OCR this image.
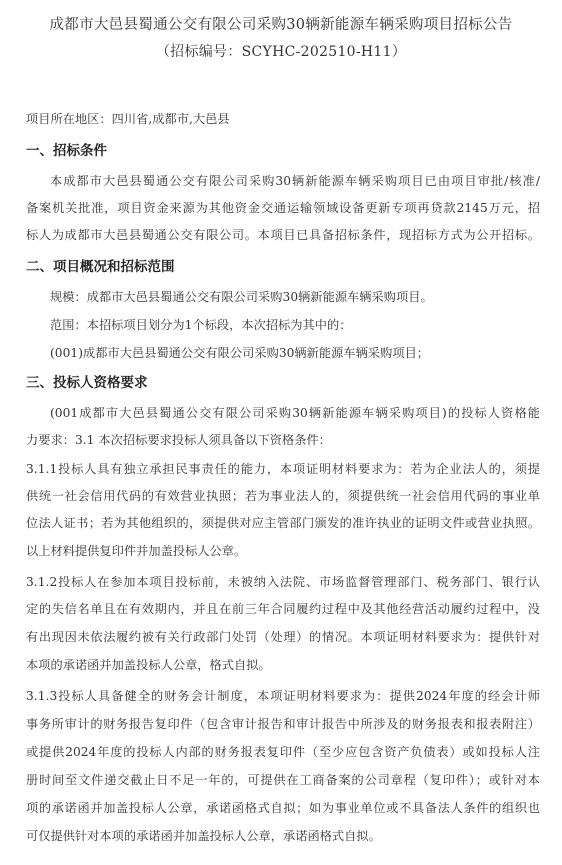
成都市大邑县蜀通公交有限公司采购30辆新能源车辆采购项目招标公告
（招标编号：SCYHC-202510-H11）
项目所在地区：四川省,成都市,大邑县
一、招标条件
本成都市大邑县蜀通公交有限公司采购30辆新能源车辆采购项目已由项目审批/核准/
备案机关批准，项目资金来源为其他资金交通运输领域设备更新专项再贷款2145万元，招
标人为成都市大邑县蜀通公交有限公司。本项目已具备招标条件，现招标方式为公开招标。
二、项目概况和招标范围
规模：成都市大邑县蜀通公交有限公司采购30辆新能源车辆采购项目。
范围：本招标项目划分为1个标段，本次招标为其中的：
(001)成都市大邑县蜀通公交有限公司采购30辆新能源车辆采购项目；
三、投标人资格要求
(001成都市大邑县蜀通公交有限公司采购30辆新能源车辆采购项目)的投标人资格能
力要求：3.1 本次招标要求投标人须具备以下资格条件：
3.1.1投标人具有独立承担民事责任的能力，本项证明材料要求为：若为企业法人的，须提
供统一社会信用代码的有效营业执照；若为事业法人的，须提供统一社会信用代码的事业单
位法人证书；若为其他组织的，须提供对应主管部门颁发的准许执业的证明文件或营业执照。
以上材料提供复印件并加盖投标人公章。
3.1.2投标人在参加本项目投标前，未被纳入法院、市场监督管理部门、税务部门、银行认
定的失信名单且在有效期内，并且在前三年合同履约过程中及其他经营活动履约过程中，没
有出现因未依法履约被有关行政部门处罚（处理）的情况。本项证明材料要求为：提供针对
本项的承诺函并加盖投标人公章，格式自拟。
3.1.3投标人具备健全的财务会计制度，本项证明材料要求为：提供2024年度的经会计师
事务所审计的财务报告复印件（包含审计报告和审计报告中所涉及的财务报表和报表附注）
或提供2024年度的投标人内部的财务报表复印件（至少应包含资产负债表）或如投标人注
册时间至文件递交截止日不足一年的，可提供在工商备案的公司章程（复印件）；或针对本
项的承诺函并加盖投标人公章，承诺函格式自拟；如为事业单位或不具备法人条件的组织也
可仅提供针对本项的承诺函并加盖投标人公章，承诺函格式自拟。
